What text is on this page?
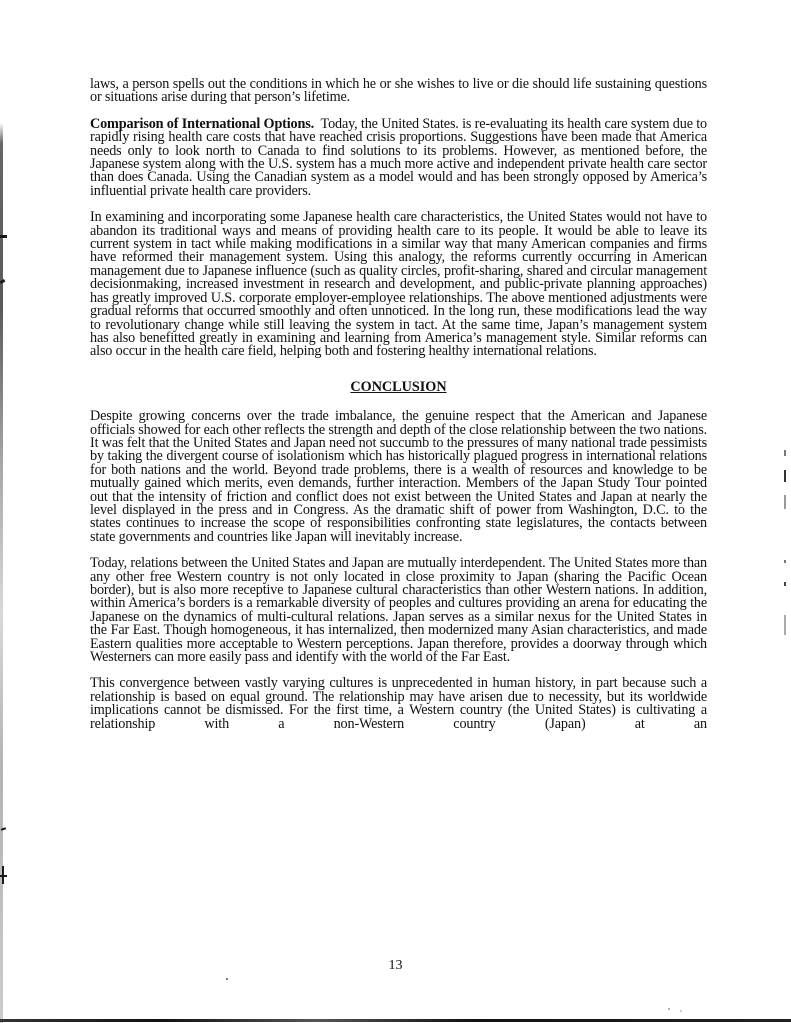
laws, a person spells out the conditions in which he or she wishes to live or die should life sustaining questions or situations arise during that person’s lifetime.

Comparison of International Options. Today, the United States. is re-evaluating its health care system due to rapidly rising health care costs that have reached crisis proportions. Suggestions have been made that America needs only to look north to Canada to find solutions to its problems. However, as mentioned before, the Japanese system along with the U.S. system has a much more active and independent private health care sector than does Canada. Using the Canadian system as a model would and has been strongly opposed by America’s influential private health care providers.

In examining and incorporating some Japanese health care characteristics, the United States would not have to abandon its traditional ways and means of providing health care to its people. It would be able to leave its current system in tact while making modifications in a similar way that many American companies and firms have reformed their management system. Using this analogy, the reforms currently occurring in American management due to Japanese influence (such as quality circles, profit-sharing, shared and circular management decisionmaking, increased investment in research and development, and public-private planning approaches) has greatly improved U.S. corporate employer-employee relationships. The above mentioned adjustments were gradual reforms that occurred smoothly and often unnoticed. In the long run, these modifications lead the way to revolutionary change while still leaving the system in tact. At the same time, Japan’s management system has also benefitted greatly in examining and learning from America’s management style. Similar reforms can also occur in the health care field, helping both and fostering healthy international relations.

CONCLUSION

Despite growing concerns over the trade imbalance, the genuine respect that the American and Japanese officials showed for each other reflects the strength and depth of the close relationship between the two nations. It was felt that the United States and Japan need not succumb to the pressures of many national trade pessimists by taking the divergent course of isolationism which has historically plagued progress in international relations for both nations and the world. Beyond trade problems, there is a wealth of resources and knowledge to be mutually gained which merits, even demands, further interaction. Members of the Japan Study Tour pointed out that the intensity of friction and conflict does not exist between the United States and Japan at nearly the level displayed in the press and in Congress. As the dramatic shift of power from Washington, D.C. to the states continues to increase the scope of responsibilities confronting state legislatures, the contacts between state governments and countries like Japan will inevitably increase.

Today, relations between the United States and Japan are mutually interdependent. The United States more than any other free Western country is not only located in close proximity to Japan (sharing the Pacific Ocean border), but is also more receptive to Japanese cultural characteristics than other Western nations. In addition, within America’s borders is a remarkable diversity of peoples and cultures providing an arena for educating the Japanese on the dynamics of multi-cultural relations. Japan serves as a similar nexus for the United States in the Far East. Though homogeneous, it has internalized, then modernized many Asian characteristics, and made Eastern qualities more acceptable to Western perceptions. Japan therefore, provides a doorway through which Westerners can more easily pass and identify with the world of the Far East.

This convergence between vastly varying cultures is unprecedented in human history, in part because such a relationship is based on equal ground. The relationship may have arisen due to necessity, but its worldwide implications cannot be dismissed. For the first time, a Western country (the United States) is cultivating a relationship with a non-Western country (Japan) at an

13
